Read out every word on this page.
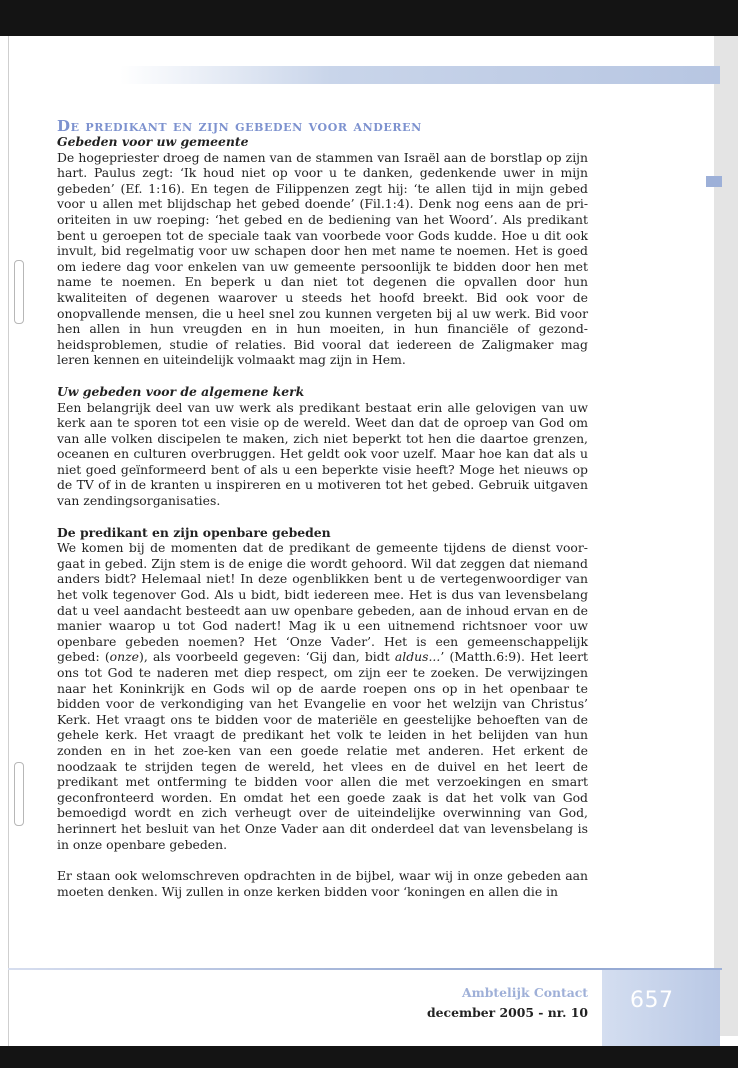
De predikant en zijn gebeden voor anderen
Gebeden voor uw gemeente

De hogepriester droeg de namen van de stammen van Israël aan de borstlap op zijn hart. Paulus zegt: ‘Ik houd niet op voor u te danken, gedenkende uwer in mijn gebeden’ (Ef. 1:16). En tegen de Filippenzen zegt hij: ‘te allen tijd in mijn gebed voor u allen met blijdschap het gebed doende’ (Fil.1:4). Denk nog eens aan de pri-oriteiten in uw roeping: ‘het gebed en de bediening van het Woord’. Als predikant bent u geroepen tot de speciale taak van voorbede voor Gods kudde. Hoe u dit ook invult, bid regelmatig voor uw schapen door hen met name te noemen. Het is goed om iedere dag voor enkelen van uw gemeente persoonlijk te bidden door hen met name te noemen. En beperk u dan niet tot degenen die opvallen door hun kwaliteiten of degenen waarover u steeds het hoofd breekt. Bid ook voor de onopvallende mensen, die u heel snel zou kunnen vergeten bij al uw werk. Bid voor hen allen in hun vreugden en in hun moeiten, in hun financiële of gezond-heidsproblemen, studie of relaties. Bid vooral dat iedereen de Zaligmaker mag leren kennen en uiteindelijk volmaakt mag zijn in Hem.

Uw gebeden voor de algemene kerk

Een belangrijk deel van uw werk als predikant bestaat erin alle gelovigen van uw kerk aan te sporen tot een visie op de wereld. Weet dan dat de oproep van God om van alle volken discipelen te maken, zich niet beperkt tot hen die daartoe grenzen, oceanen en culturen overbruggen. Het geldt ook voor uzelf. Maar hoe kan dat als u niet goed geïnformeerd bent of als u een beperkte visie heeft? Moge het nieuws op de TV of in de kranten u inspireren en u motiveren tot het gebed. Gebruik uitgaven van zendingsorganisaties.

De predikant en zijn openbare gebeden

We komen bij de momenten dat de predikant de gemeente tijdens de dienst voor-gaat in gebed. Zijn stem is de enige die wordt gehoord. Wil dat zeggen dat niemand anders bidt? Helemaal niet! In deze ogenblikken bent u de vertegenwoordiger van het volk tegenover God. Als u bidt, bidt iedereen mee. Het is dus van levensbelang dat u veel aandacht besteedt aan uw openbare gebeden, aan de inhoud ervan en de manier waarop u tot God nadert! Mag ik u een uitnemend richtsnoer voor uw openbare gebeden noemen? Het ‘Onze Vader’. Het is een gemeenschappelijk gebed: (onze), als voorbeeld gegeven: ‘Gij dan, bidt aldus...’ (Matth.6:9). Het leert ons tot God te naderen met diep respect, om zijn eer te zoeken. De verwijzingen naar het Koninkrijk en Gods wil op de aarde roepen ons op in het openbaar te bidden voor de verkondiging van het Evangelie en voor het welzijn van Christus’ Kerk. Het vraagt ons te bidden voor de materiële en geestelijke behoeften van de gehele kerk. Het vraagt de predikant het volk te leiden in het belijden van hun zonden en in het zoe-ken van een goede relatie met anderen. Het erkent de noodzaak te strijden tegen de wereld, het vlees en de duivel en het leert de predikant met ontferming te bidden voor allen die met verzoekingen en smart geconfronteerd worden. En omdat het een goede zaak is dat het volk van God bemoedigd wordt en zich verheugt over de uiteindelijke overwinning van God, herinnert het besluit van het Onze Vader aan dit onderdeel dat van levensbelang is in onze openbare gebeden.

Er staan ook welomschreven opdrachten in de bijbel, waar wij in onze gebeden aan moeten denken. Wij zullen in onze kerken bidden voor ‘koningen en allen die in

Ambtelijk Contact
december 2005 - nr. 10 657
